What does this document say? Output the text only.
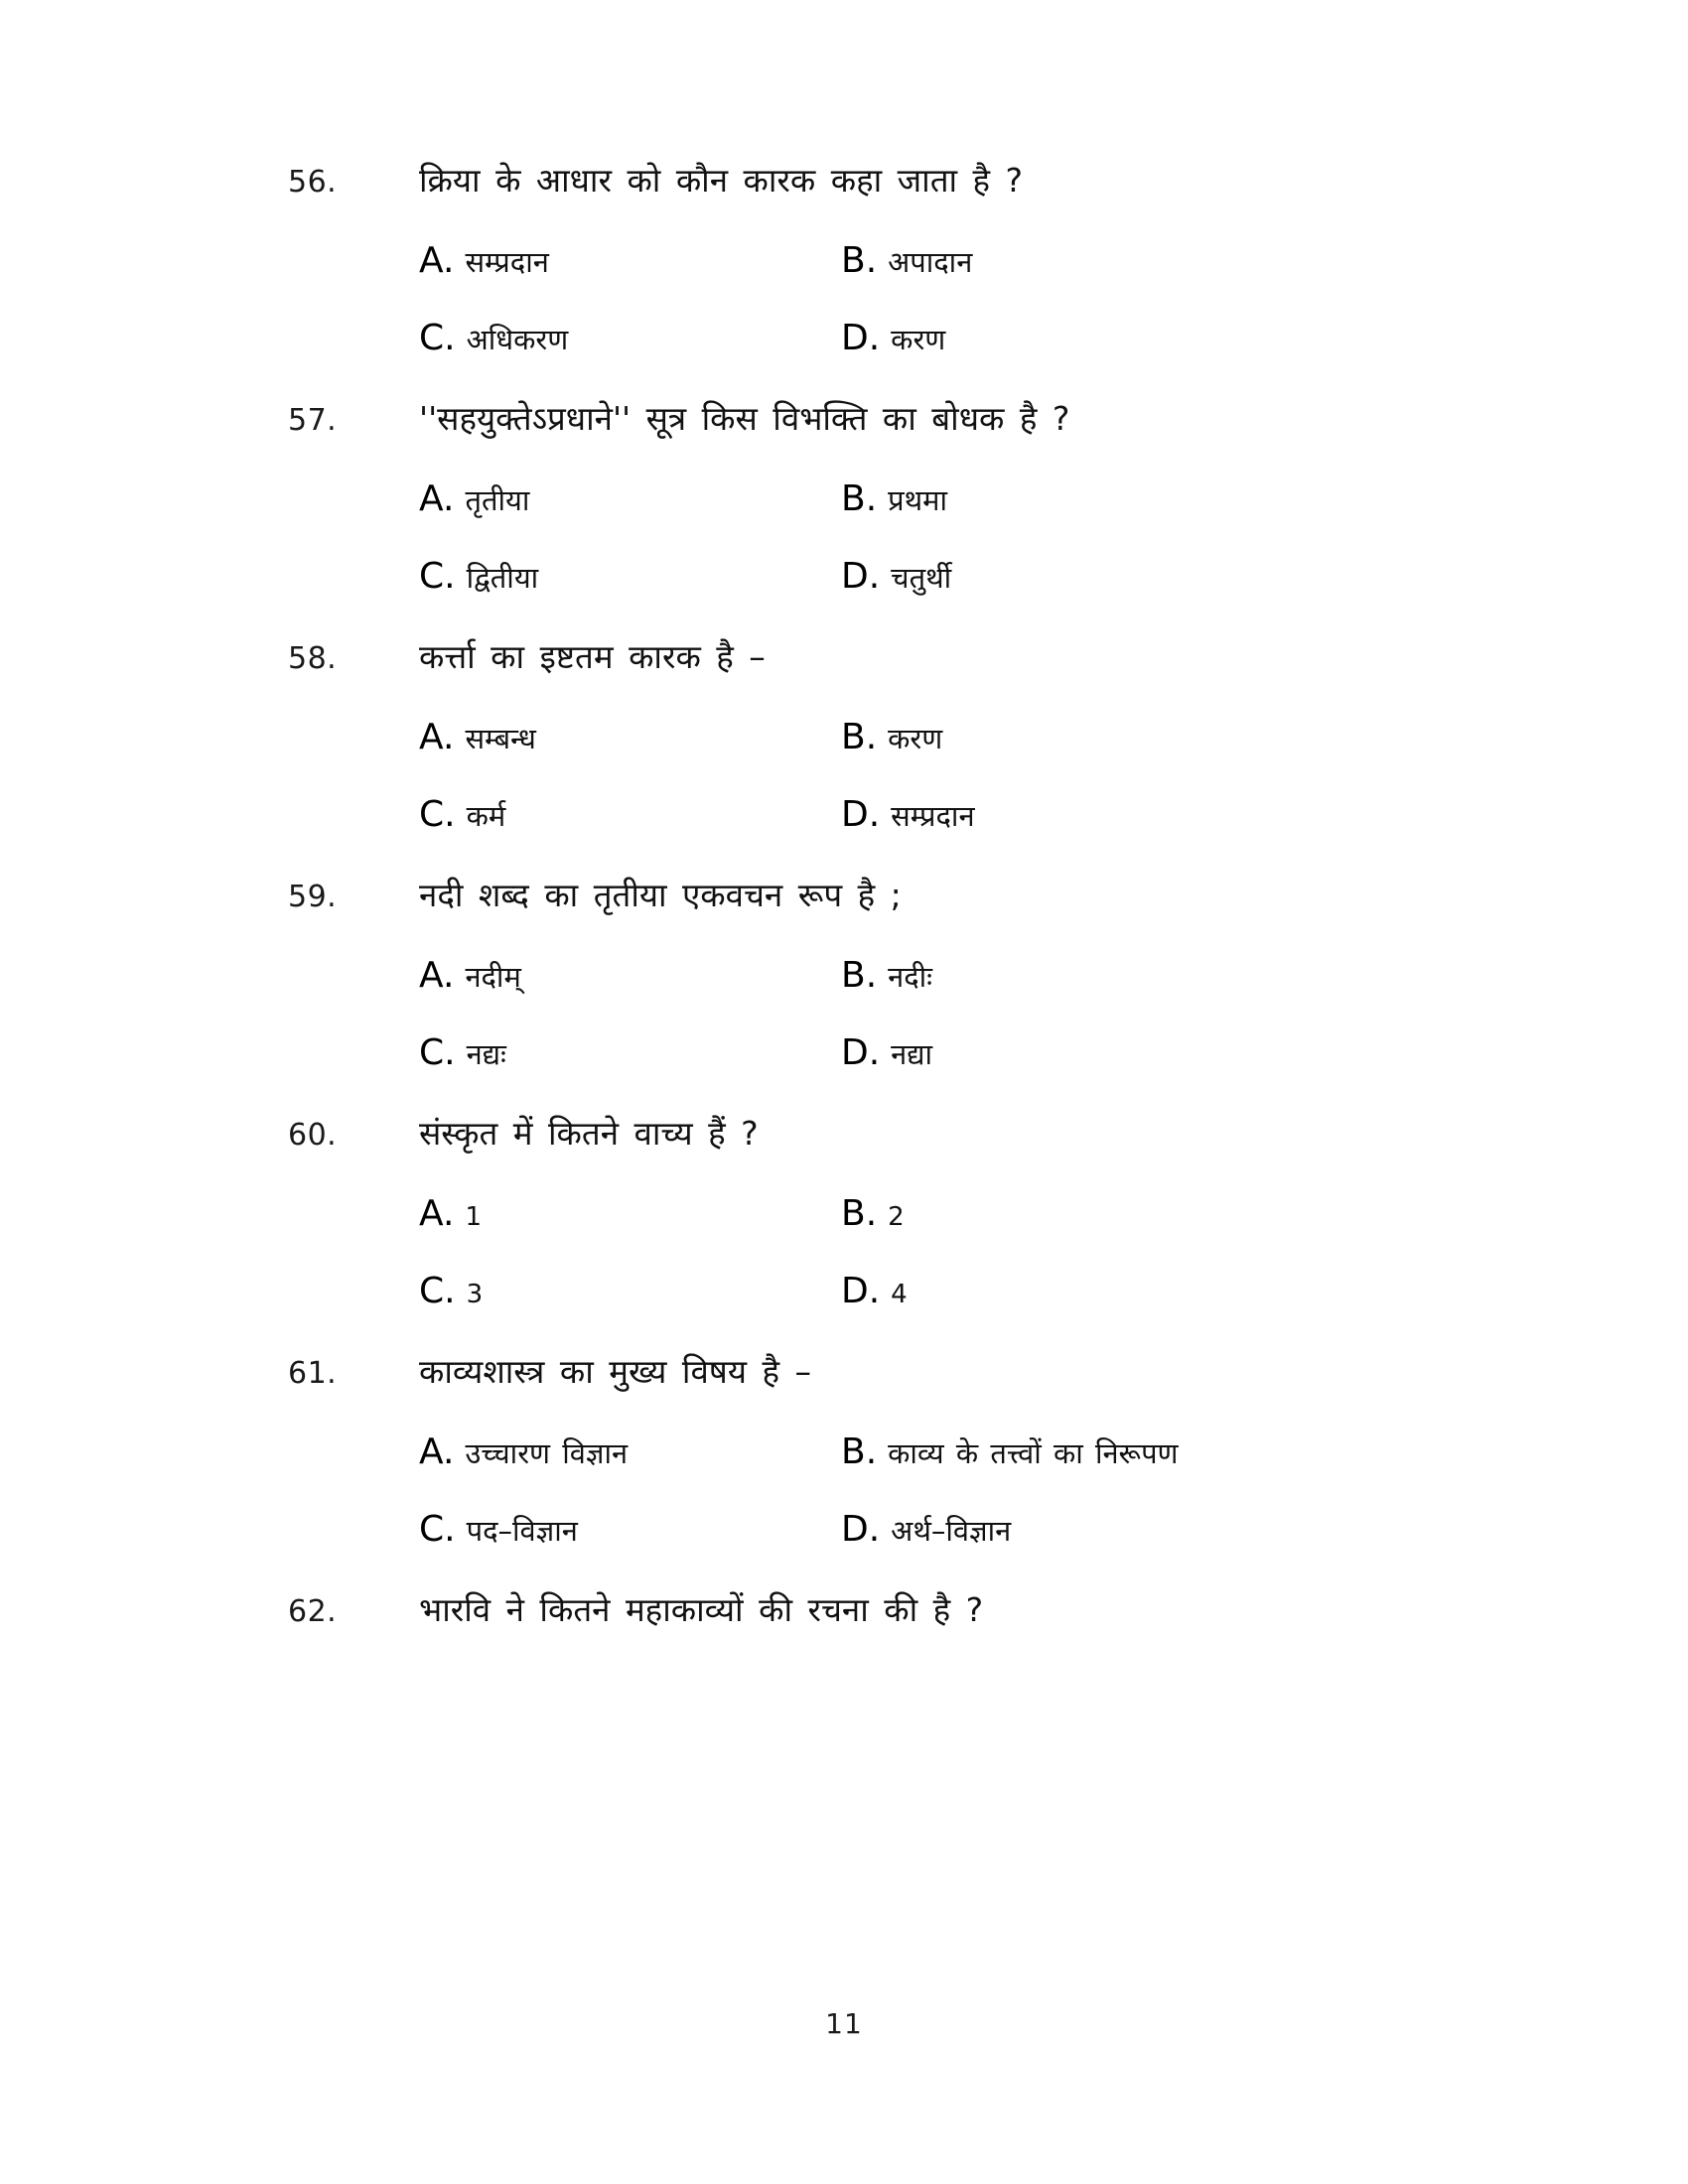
56.	क्रिया के आधार को कौन कारक कहा जाता है ?
A. सम्प्रदान	B. अपादान
C. अधिकरण	D. करण
57.	''सहयुक्तेऽप्रधाने'' सूत्र किस विभक्ति का बोधक है ?
A. तृतीया	B. प्रथमा
C. द्वितीया	D. चतुर्थी
58.	कर्त्ता का इष्टतम कारक है –
A. सम्बन्ध	B. करण
C. कर्म	D. सम्प्रदान
59.	नदी शब्द का तृतीया एकवचन रूप है ;
A. नदीम्	B. नदीः
C. नद्यः	D. नद्या
60.	संस्कृत में कितने वाच्य हैं ?
A. 1	B. 2
C. 3	D. 4
61.	काव्यशास्त्र का मुख्य विषय है –
A. उच्चारण विज्ञान	B. काव्य के तत्त्वों का निरूपण
C. पद–विज्ञान	D. अर्थ–विज्ञान
62.	भारवि ने कितने महाकाव्यों की रचना की है ?
11
